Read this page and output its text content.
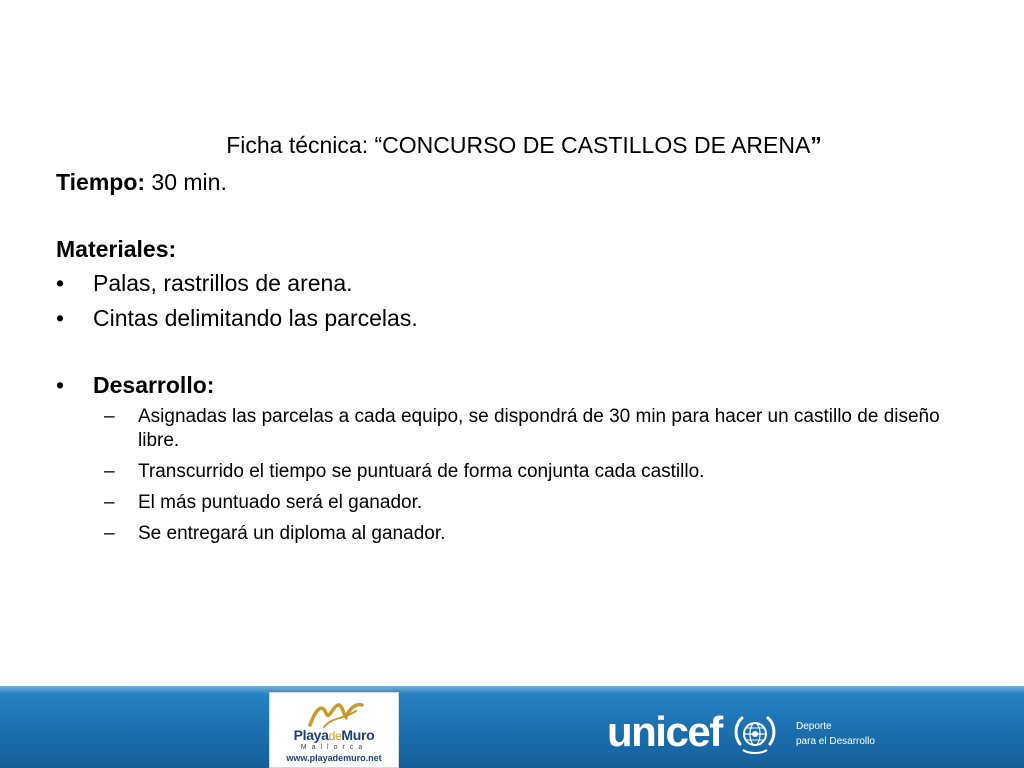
Ficha técnica: “CONCURSO DE CASTILLOS DE ARENA”
Tiempo: 30 min.
Materiales:
• Palas, rastrillos de arena.
• Cintas delimitando las parcelas.
• Desarrollo:
– Asignadas las parcelas a cada equipo, se dispondrá de 30 min para hacer un castillo de diseño libre.
– Transcurrido el tiempo se puntuará de forma conjunta cada castillo.
– El más puntuado será el ganador.
– Se entregará un diploma al ganador.
PlayadeMuro
Mallorca
www.playademuro.net
unicef	Deporte
para el Desarrollo
